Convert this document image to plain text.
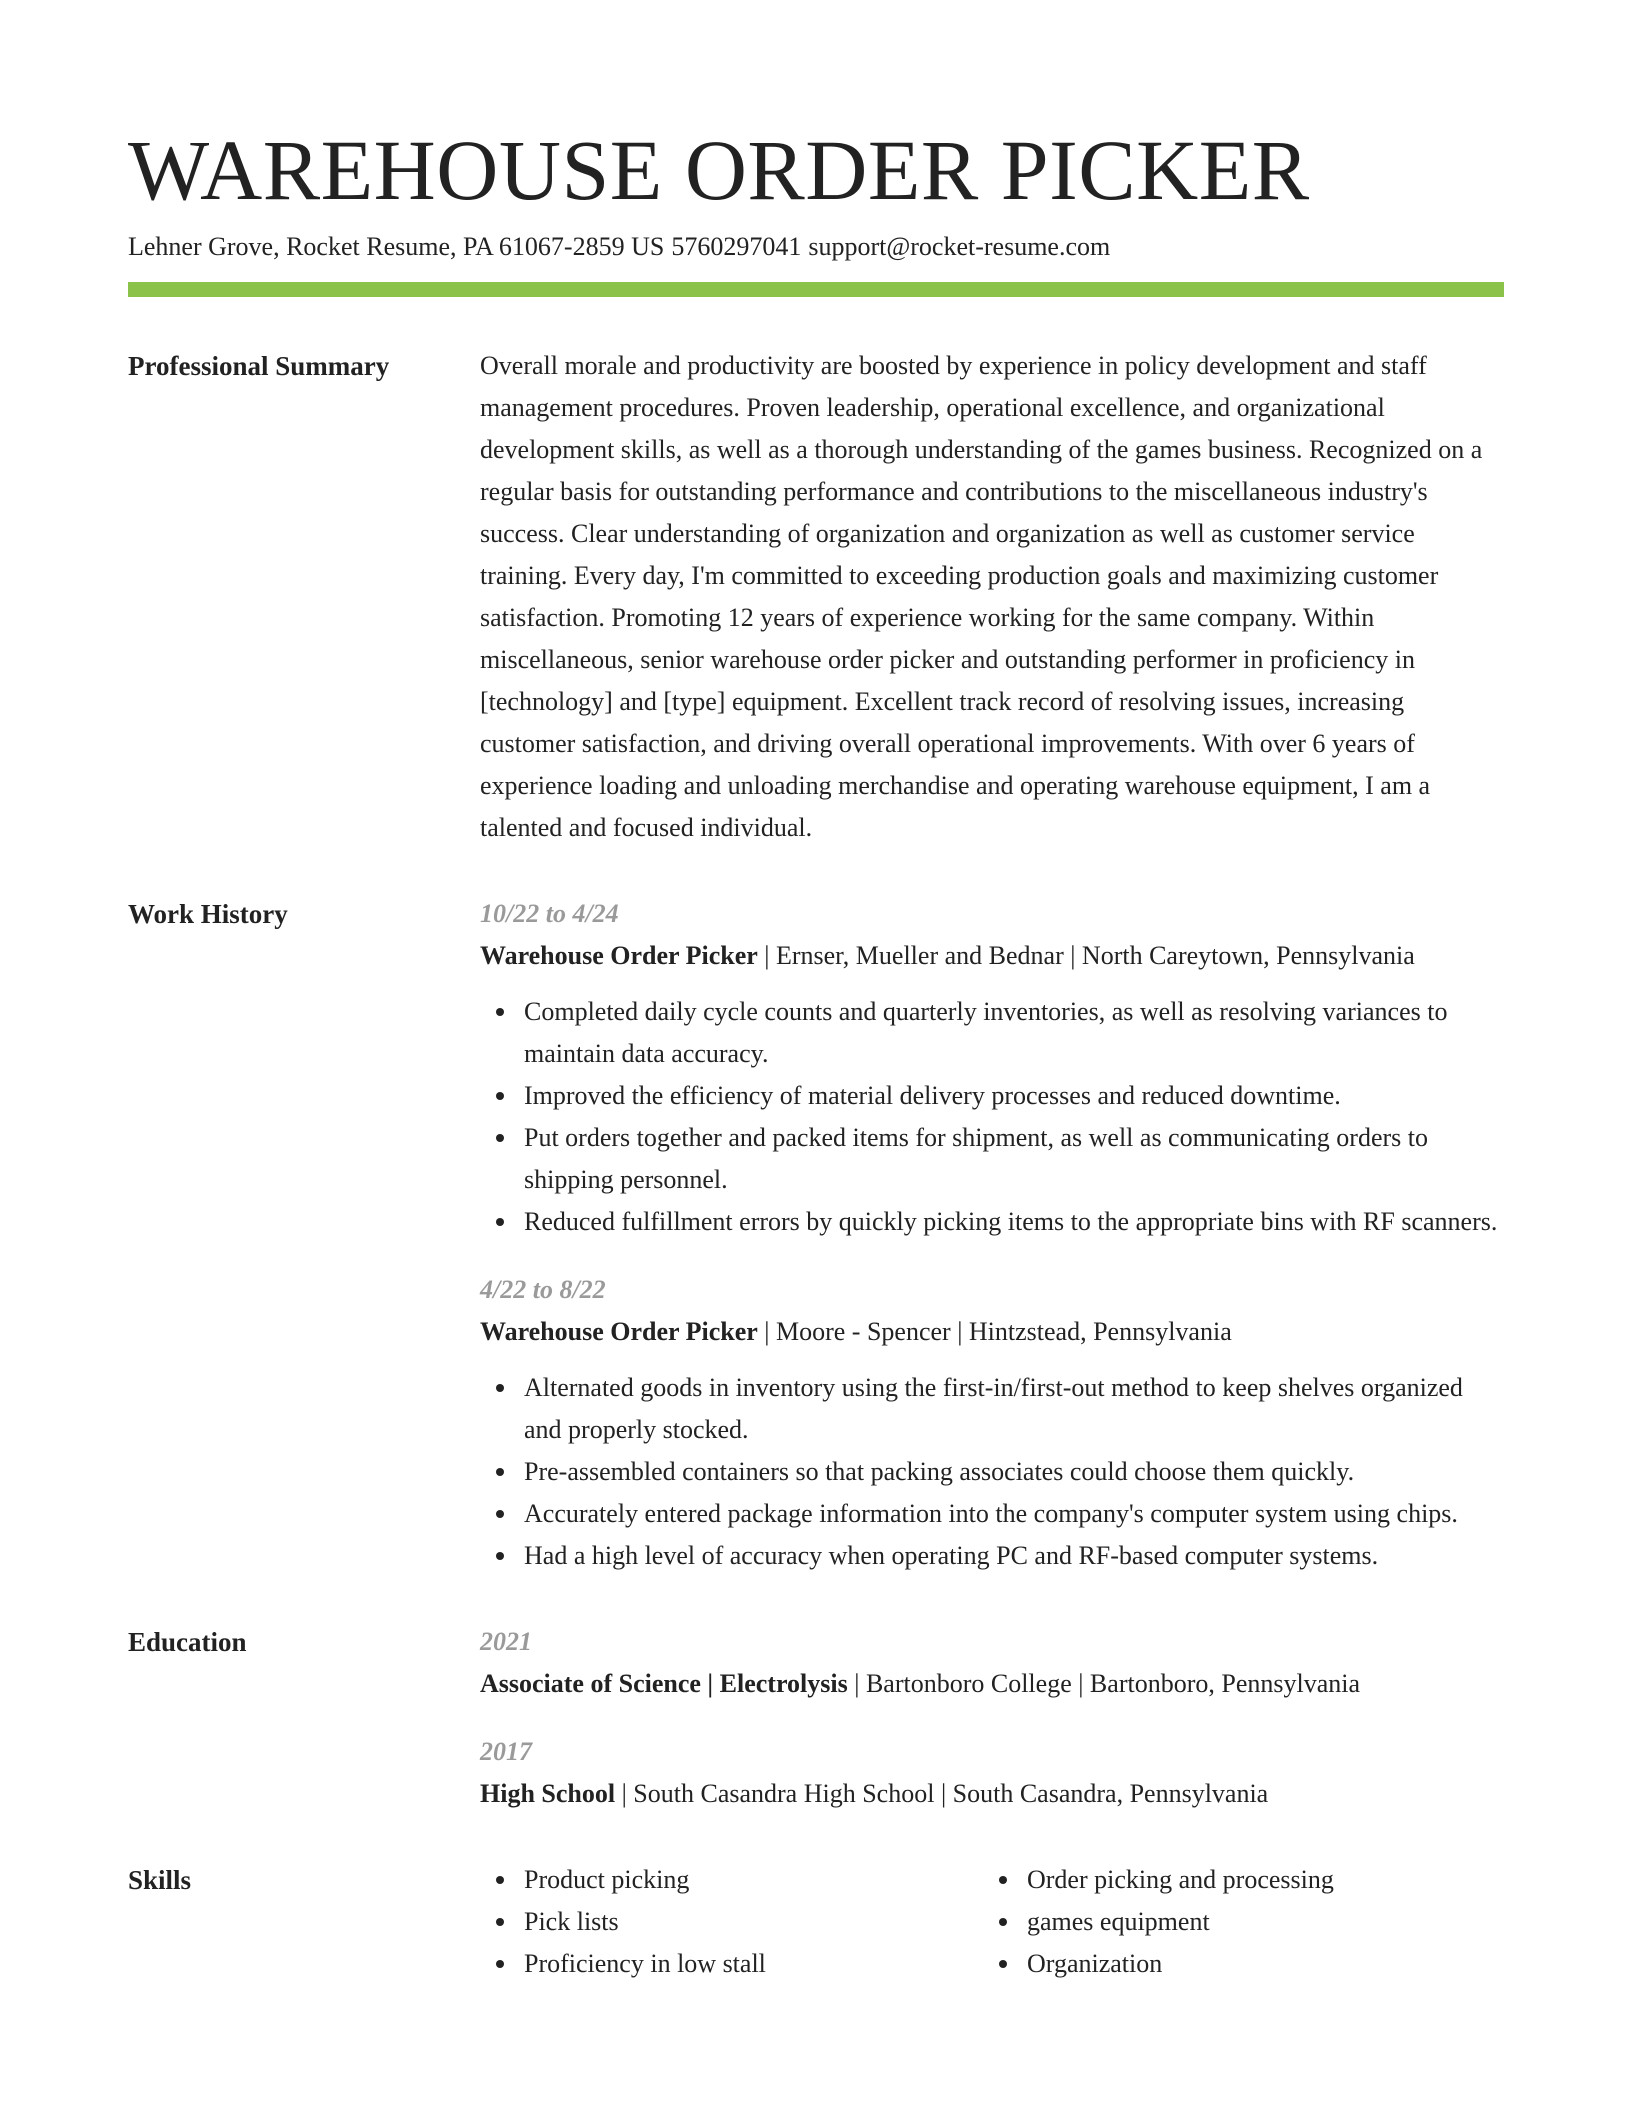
WAREHOUSE ORDER PICKER
Lehner Grove, Rocket Resume, PA 61067-2859 US 5760297041 support@rocket-resume.com
Professional Summary	Overall morale and productivity are boosted by experience in policy development and staff management procedures. Proven leadership, operational excellence, and organizational development skills, as well as a thorough understanding of the games business. Recognized on a regular basis for outstanding performance and contributions to the miscellaneous industry's success. Clear understanding of organization and organization as well as customer service training. Every day, I'm committed to exceeding production goals and maximizing customer satisfaction. Promoting 12 years of experience working for the same company. Within miscellaneous, senior warehouse order picker and outstanding performer in proficiency in [technology] and [type] equipment. Excellent track record of resolving issues, increasing customer satisfaction, and driving overall operational improvements. With over 6 years of experience loading and unloading merchandise and operating warehouse equipment, I am a talented and focused individual.

Work History	10/22 to 4/24

Warehouse Order Picker | Ernser, Mueller and Bednar | North Careytown, Pennsylvania

Completed daily cycle counts and quarterly inventories, as well as resolving variances to maintain data accuracy.
Improved the efficiency of material delivery processes and reduced downtime.
Put orders together and packed items for shipment, as well as communicating orders to shipping personnel.
Reduced fulfillment errors by quickly picking items to the appropriate bins with RF scanners.
4/22 to 8/22

Warehouse Order Picker | Moore - Spencer | Hintzstead, Pennsylvania

Alternated goods in inventory using the first-in/first-out method to keep shelves organized and properly stocked.
Pre-assembled containers so that packing associates could choose them quickly.
Accurately entered package information into the company's computer system using chips.
Had a high level of accuracy when operating PC and RF-based computer systems.
Education	2021

Associate of Science | Electrolysis | Bartonboro College | Bartonboro, Pennsylvania

2017

High School | South Casandra High School | South Casandra, Pennsylvania

Skills	Product picking
Pick lists
Proficiency in low stall
Order picking and processing
games equipment
Organization
